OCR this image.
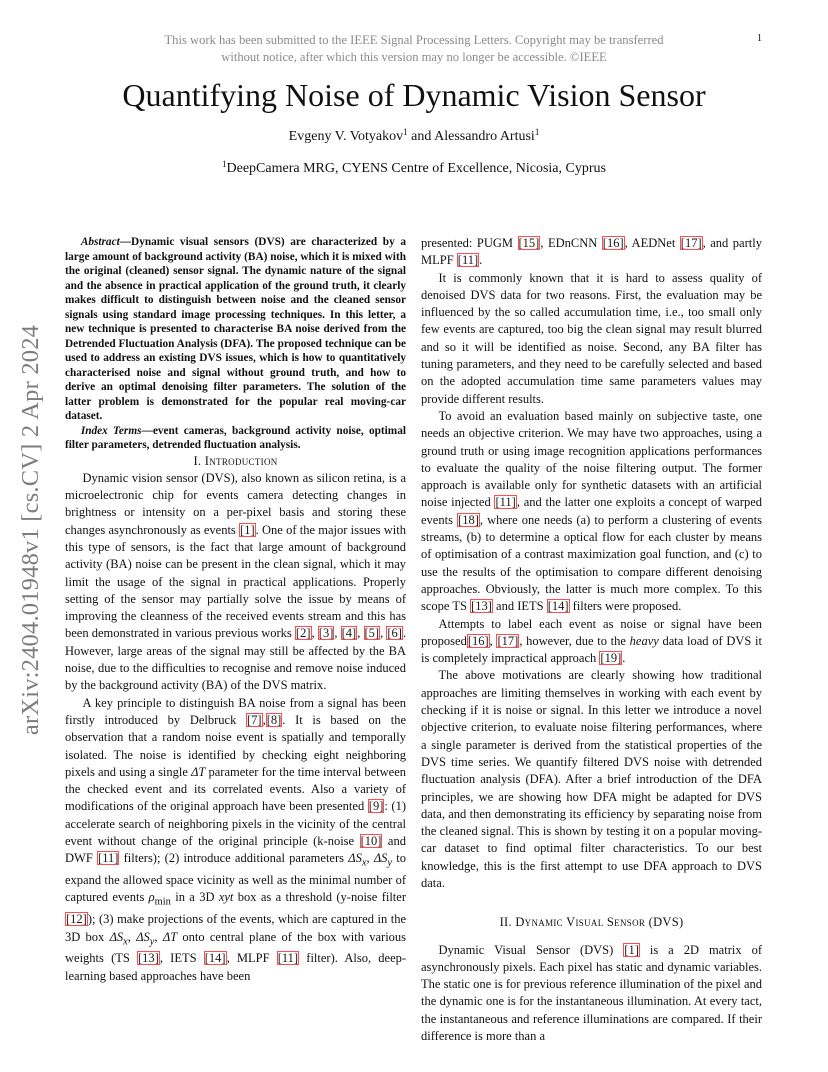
This work has been submitted to the IEEE Signal Processing Letters. Copyright may be transferred
without notice, after which this version may no longer be accessible. ©IEEE
1
arXiv:2404.01948v1 [cs.CV] 2 Apr 2024
Quantifying Noise of Dynamic Vision Sensor
Evgeny V. Votyakov$^1$ and Alessandro Artusi$^1$
$^1$DeepCamera MRG, CYENS Centre of Excellence, Nicosia, Cyprus

Abstract—Dynamic visual sensors (DVS) are characterized by a large amount of background activity (BA) noise, which it is mixed with the original (cleaned) sensor signal. The dynamic nature of the signal and the absence in practical application of the ground truth, it clearly makes difficult to distinguish between noise and the cleaned sensor signals using standard image processing techniques. In this letter, a new technique is presented to characterise BA noise derived from the Detrended Fluctuation Analysis (DFA). The proposed technique can be used to address an existing DVS issues, which is how to quantitatively characterised noise and signal without ground truth, and how to derive an optimal denoising filter parameters. The solution of the latter problem is demonstrated for the popular real moving-car dataset.

Index Terms—event cameras, background activity noise, optimal filter parameters, detrended fluctuation analysis.

I. Introduction

Dynamic vision sensor (DVS), also known as silicon retina, is a microelectronic chip for events camera detecting changes in brightness or intensity on a per-pixel basis and storing these changes asynchronously as events [1]. One of the major issues with this type of sensors, is the fact that large amount of background activity (BA) noise can be present in the clean signal, which it may limit the usage of the signal in practical applications. Properly setting of the sensor may partially solve the issue by means of improving the cleanness of the received events stream and this has been demonstrated in various previous works [2], [3], [4], [5], [6]. However, large areas of the signal may still be affected by the BA noise, due to the difficulties to recognise and remove noise induced by the background activity (BA) of the DVS matrix.

A key principle to distinguish BA noise from a signal has been firstly introduced by Delbruck [7],[8]. It is based on the observation that a random noise event is spatially and temporally isolated. The noise is identified by checking eight neighboring pixels and using a single ΔT parameter for the time interval between the checked event and its correlated events. Also a variety of modifications of the original approach have been presented [9]: (1) accelerate search of neighboring pixels in the vicinity of the central event without change of the original principle (k-noise [10] and DWF [11] filters); (2) introduce additional parameters $\Delta S_x$, $\Delta S_y$ to expand the allowed space vicinity as well as the minimal number of captured events $\rho_{min}$ in a 3D xyt box as a threshold (y-noise filter [12]); (3) make projections of the events, which are captured in the 3D box $\Delta S_x$, $\Delta S_y$, ΔT onto central plane of the box with various weights (TS [13], IETS [14], MLPF [11] filter). Also, deep-learning based approaches have been

presented: PUGM [15], EDnCNN [16], AEDNet [17], and partly MLPF [11].

It is commonly known that it is hard to assess quality of denoised DVS data for two reasons. First, the evaluation may be influenced by the so called accumulation time, i.e., too small only few events are captured, too big the clean signal may result blurred and so it will be identified as noise. Second, any BA filter has tuning parameters, and they need to be carefully selected and based on the adopted accumulation time same parameters values may provide different results.

To avoid an evaluation based mainly on subjective taste, one needs an objective criterion. We may have two approaches, using a ground truth or using image recognition applications performances to evaluate the quality of the noise filtering output. The former approach is available only for synthetic datasets with an artificial noise injected [11], and the latter one exploits a concept of warped events [18], where one needs (a) to perform a clustering of events streams, (b) to determine a optical flow for each cluster by means of optimisation of a contrast maximization goal function, and (c) to use the results of the optimisation to compare different denoising approaches. Obviously, the latter is much more complex. To this scope TS [13] and IETS [14] filters were proposed.

Attempts to label each event as noise or signal have been proposed[16], [17], however, due to the heavy data load of DVS it is completely impractical approach [19].

The above motivations are clearly showing how traditional approaches are limiting themselves in working with each event by checking if it is noise or signal. In this letter we introduce a novel objective criterion, to evaluate noise filtering performances, where a single parameter is derived from the statistical properties of the DVS time series. We quantify filtered DVS noise with detrended fluctuation analysis (DFA). After a brief introduction of the DFA principles, we are showing how DFA might be adapted for DVS data, and then demonstrating its efficiency by separating noise from the cleaned signal. This is shown by testing it on a popular moving-car dataset to find optimal filter characteristics. To our best knowledge, this is the first attempt to use DFA approach to DVS data.

II. Dynamic Visual Sensor (DVS)

Dynamic Visual Sensor (DVS) [1] is a 2D matrix of asynchronously pixels. Each pixel has static and dynamic variables. The static one is for previous reference illumination of the pixel and the dynamic one is for the instantaneous illumination. At every tact, the instantaneous and reference illuminations are compared. If their difference is more than a
